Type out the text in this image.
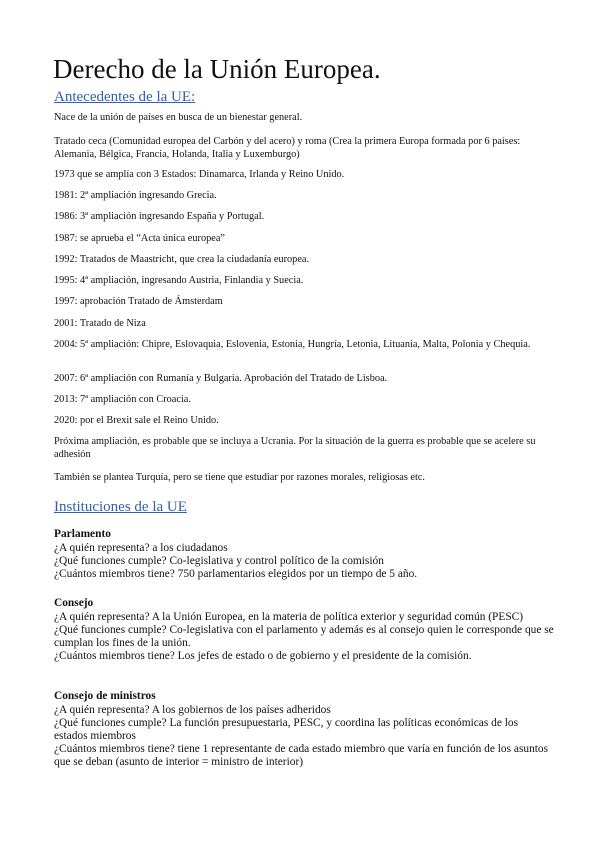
Derecho de la Unión Europea.
Antecedentes de la UE:

Nace de la unión de países en busca de un bienestar general.

Tratado ceca (Comunidad europea del Carbón y del acero) y roma (Crea la primera Europa formada por 6 países: Alemania, Bélgica, Francia, Holanda, Italia y Luxemburgo)

1973 que se amplía con 3 Estados: Dinamarca, Irlanda y Reino Unido.

1981: 2ª ampliación ingresando Grecia.

1986: 3ª ampliación ingresando España y Portugal.

1987: se aprueba el “Acta única europea”

1992: Tratados de Maastricht, que crea la ciudadanía europea.

1995: 4ª ampliación, ingresando Austria, Finlandia y Suecia.

1997: aprobación Tratado de Ámsterdam

2001: Tratado de Niza

2004: 5ª ampliación: Chipre, Eslovaquia, Eslovenia, Estonia, Hungría, Letonia, Lituania, Malta, Polonia y Chequia.

2007: 6ª ampliación con Rumanía y Bulgaria. Aprobación del Tratado de Lisboa.

2013: 7ª ampliación con Croacia.

2020: por el Brexit sale el Reino Unido.

Próxima ampliación, es probable que se incluya a Ucrania. Por la situación de la guerra es probable que se acelere su adhesión

También se plantea Turquía, pero se tiene que estudiar por razones morales, religiosas etc.

Instituciones de la UE

Parlamento

¿A quién representa? a los ciudadanos

¿Qué funciones cumple? Co-legislativa y control político de la comisión

¿Cuántos miembros tiene? 750 parlamentarios elegidos por un tiempo de 5 año.

Consejo

¿A quién representa? A la Unión Europea, en la materia de política exterior y seguridad común (PESC)

¿Qué funciones cumple? Co-legislativa con el parlamento y además es al consejo quien le corresponde que se cumplan los fines de la unión.

¿Cuántos miembros tiene? Los jefes de estado o de gobierno y el presidente de la comisión.

Consejo de ministros

¿A quién representa? A los gobiernos de los países adheridos

¿Qué funciones cumple? La función presupuestaria, PESC, y coordina las políticas económicas de los estados miembros

¿Cuántos miembros tiene? tiene 1 representante de cada estado miembro que varía en función de los asuntos que se deban (asunto de interior = ministro de interior)
